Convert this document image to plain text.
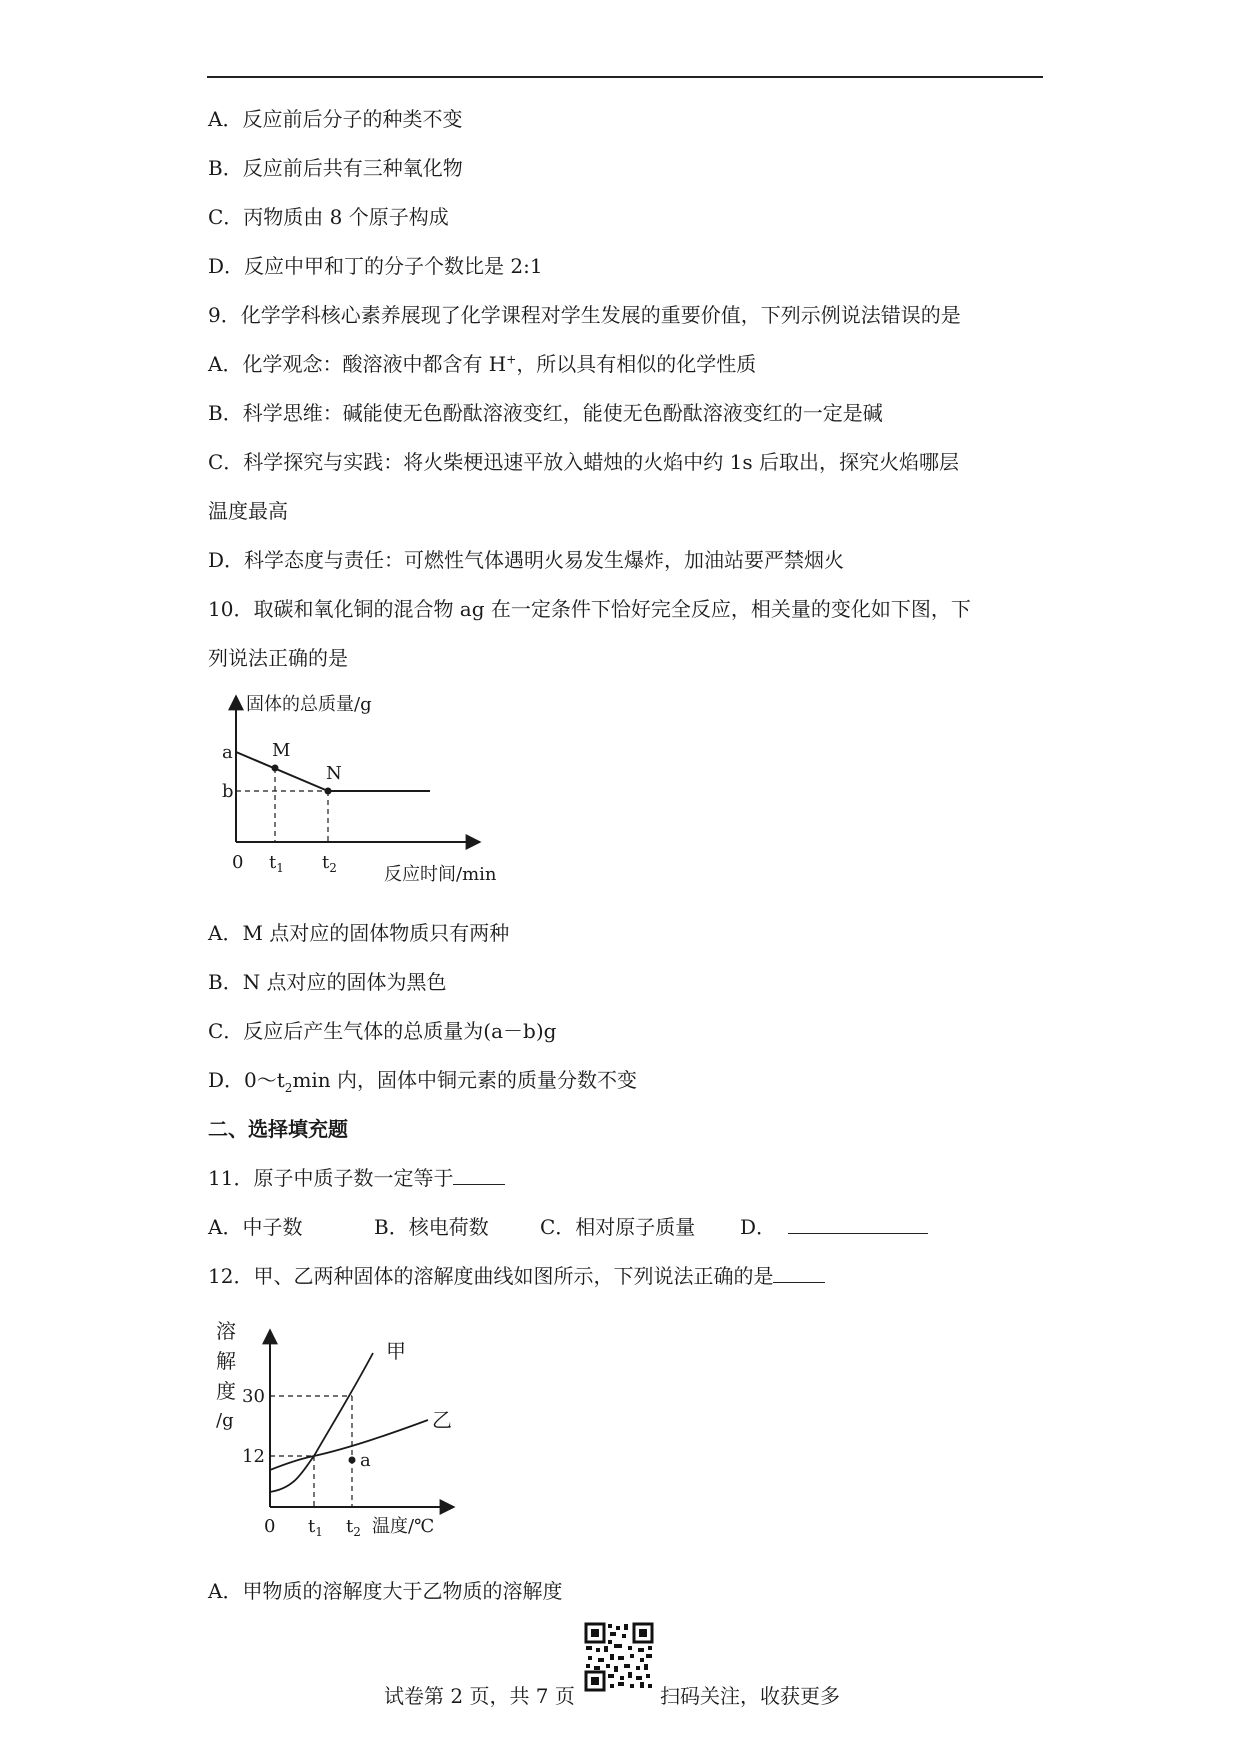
A．反应前后分子的种类不变
B．反应前后共有三种氧化物
C．丙物质由 8 个原子构成
D．反应中甲和丁的分子个数比是 2:1
9．化学学科核心素养展现了化学课程对学生发展的重要价值，下列示例说法错误的是
A．化学观念：酸溶液中都含有 H+，所以具有相似的化学性质
B．科学思维：碱能使无色酚酞溶液变红，能使无色酚酞溶液变红的一定是碱
C．科学探究与实践：将火柴梗迅速平放入蜡烛的火焰中约 1s 后取出，探究火焰哪层
温度最高
D．科学态度与责任：可燃性气体遇明火易发生爆炸，加油站要严禁烟火
10．取碳和氧化铜的混合物 ag 在一定条件下恰好完全反应，相关量的变化如下图，下
列说法正确的是
固体的总质量/g
a
b
M
N
0 $t_1$ $t_2$	反应时间/min
A．M 点对应的固体物质只有两种
B．N 点对应的固体为黑色
C．反应后产生气体的总质量为(a－b)g
D．$0\sim t_2\min$ 内，固体中铜元素的质量分数不变
二、选择填充题
11．原子中质子数一定等于
A．中子数	B．核电荷数	C．相对原子质量 D．
12．甲、乙两种固体的溶解度曲线如图所示，下列说法正确的是
溶
解
度
/g
30
12
甲
乙
a
0 $t_1$ $t_2$ 温度/℃
A．甲物质的溶解度大于乙物质的溶解度
试卷第 2 页，共 7 页	扫码关注，收获更多
